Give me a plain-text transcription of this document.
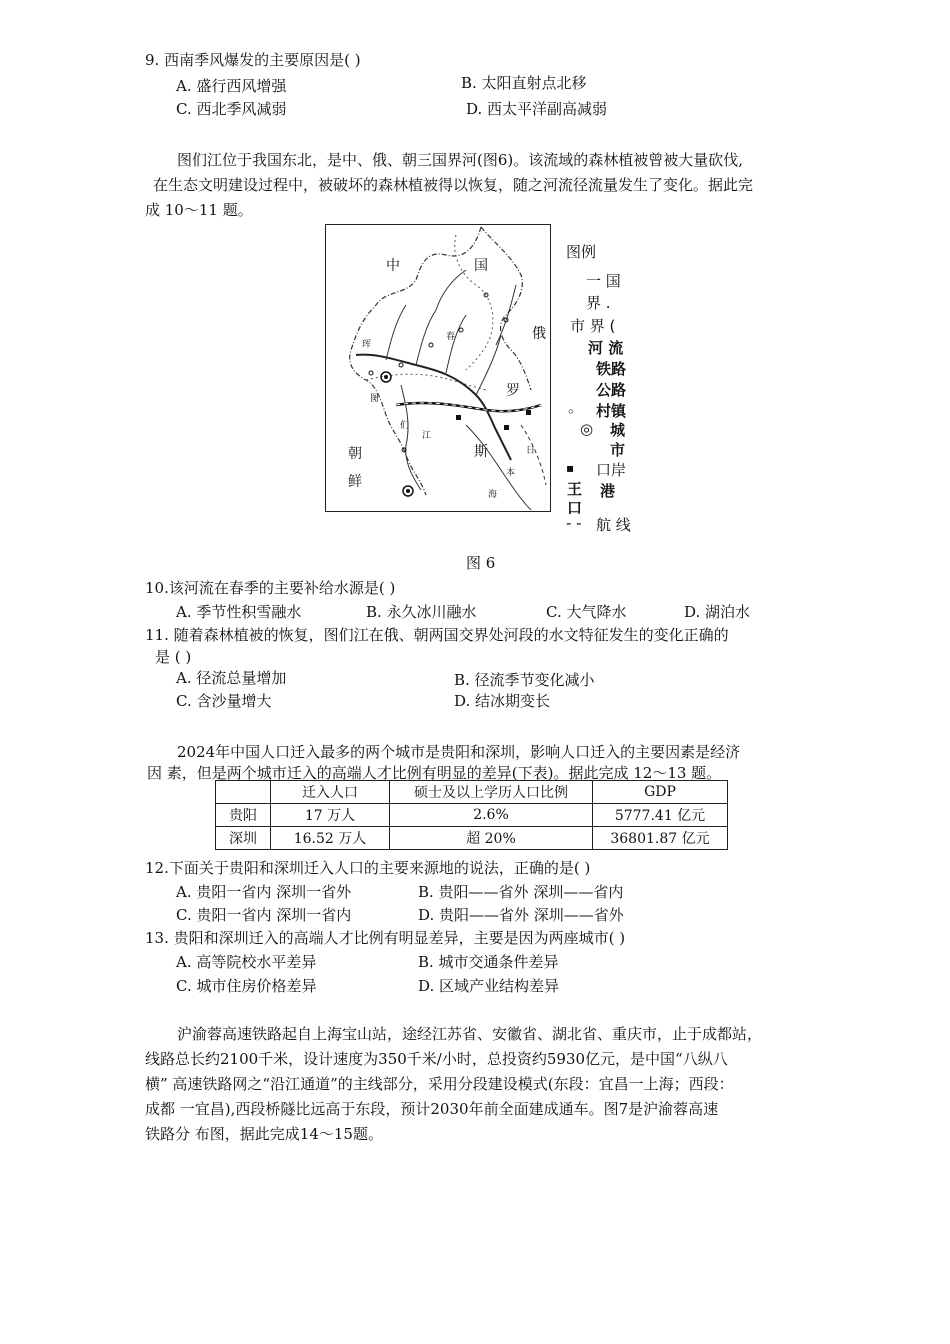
9. 西南季风爆发的主要原因是( )
A. 盛行西风增强	B. 太阳直射点北移
C. 西北季风减弱	D. 西太平洋副高减弱
图们江位于我国东北，是中、俄、朝三国界河(图6)。该流域的森林植被曾被大量砍伐,
在生态文明建设过程中，被破坏的森林植被得以恢复，随之河流径流量发生了变化。据此完
成 10～11 题。
中	国
俄
罗
斯
朝
鲜
图
们
江
珲
春
日
本
海
图例
一 国 界 .
市 界 (
河 流
铁路
公路
。 村镇
◎ 城 市
▪ 口岸
王
口
港
- - 航 线
图 6
10.该河流在春季的主要补给水源是( )
A. 季节性积雪融水	B. 永久冰川融水	C. 大气降水	D. 湖泊水
11. 随着森林植被的恢复，图们江在俄、朝两国交界处河段的水文特征发生的变化正确的
是 ( )
A. 径流总量增加	B. 径流季节变化减小
C. 含沙量增大	D. 结冰期变长
2024年中国人口迁入最多的两个城市是贵阳和深圳，影响人口迁入的主要因素是经济
因 素，但是两个城市迁入的高端人才比例有明显的差异(下表)。据此完成 12～13 题。
	迁入人口	硕士及以上学历人口比例	GDP
贵阳	17 万人	2.6%	5777.41 亿元
深圳	16.52 万人	超 20%	36801.87 亿元
12.下面关于贵阳和深圳迁入人口的主要来源地的说法，正确的是( )
A. 贵阳一省内 深圳一省外	B. 贵阳——省外 深圳——省内
C. 贵阳一省内 深圳一省内	D. 贵阳——省外 深圳——省外
13. 贵阳和深圳迁入的高端人才比例有明显差异，主要是因为两座城市( )
A. 高等院校水平差异	B. 城市交通条件差异
C. 城市住房价格差异	D. 区域产业结构差异
沪渝蓉高速铁路起自上海宝山站，途经江苏省、安徽省、湖北省、重庆市，止于成都站，
线路总长约2100千米，设计速度为350千米/小时，总投资约5930亿元，是中国“八纵八
横” 高速铁路网之“沿江通道”的主线部分，采用分段建设模式(东段：宜昌一上海；西段：
成都 一宜昌),西段桥隧比远高于东段，预计2030年前全面建成通车。图7是沪渝蓉高速
铁路分 布图，据此完成14～15题。
